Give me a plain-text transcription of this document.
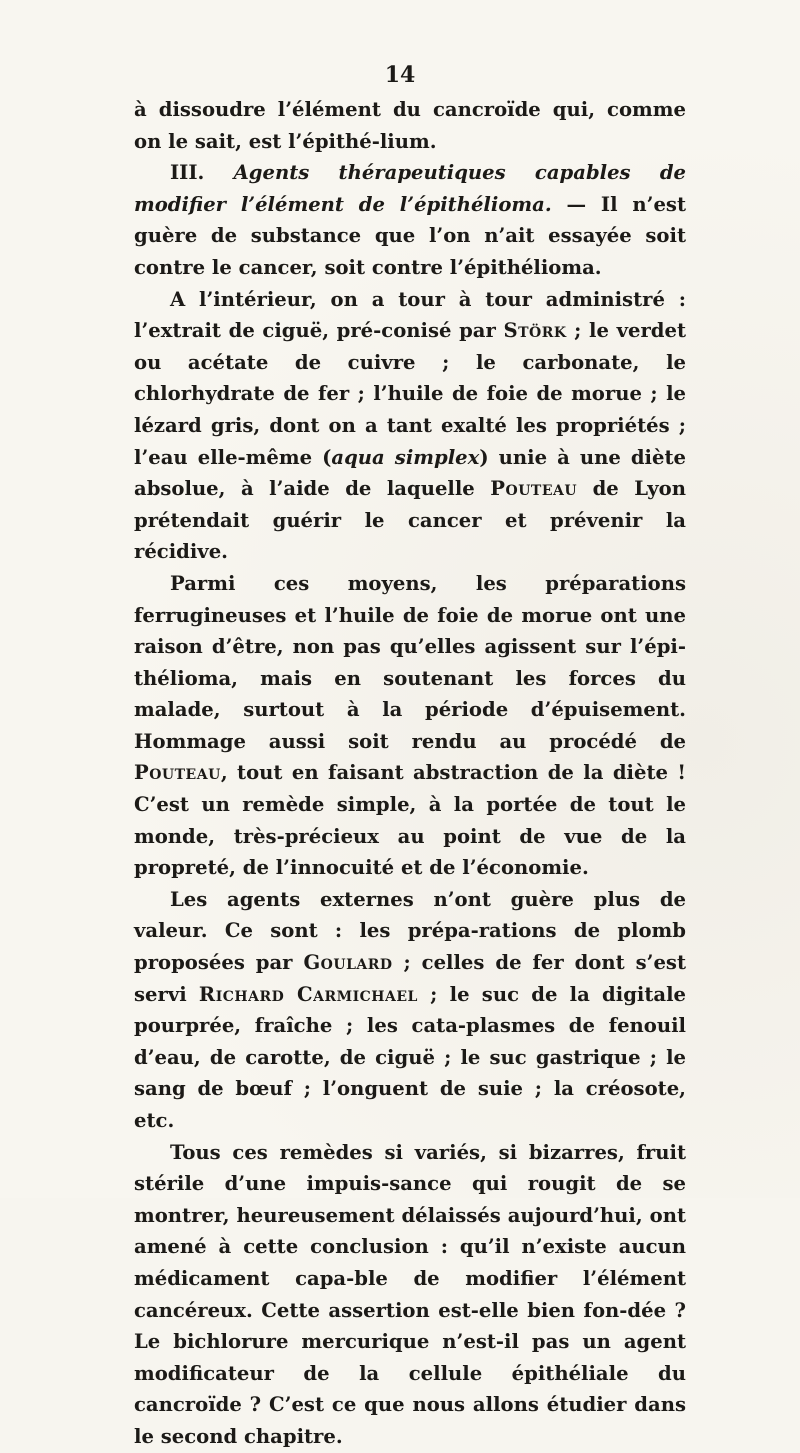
14

à dissoudre l’élément du cancroïde qui, comme on le sait, est l’épithé-lium.

III. Agents thérapeutiques capables de modifier l’élément de l’épithélioma. — Il n’est guère de substance que l’on n’ait essayée soit contre le cancer, soit contre l’épithélioma.

A l’intérieur, on a tour à tour administré : l’extrait de ciguë, pré-conisé par Störk ; le verdet ou acétate de cuivre ; le carbonate, le chlorhydrate de fer ; l’huile de foie de morue ; le lézard gris, dont on a tant exalté les propriétés ; l’eau elle-même (aqua simplex) unie à une diète absolue, à l’aide de laquelle Pouteau de Lyon prétendait guérir le cancer et prévenir la récidive.

Parmi ces moyens, les préparations ferrugineuses et l’huile de foie de morue ont une raison d’être, non pas qu’elles agissent sur l’épi-thélioma, mais en soutenant les forces du malade, surtout à la période d’épuisement. Hommage aussi soit rendu au procédé de Pouteau, tout en faisant abstraction de la diète ! C’est un remède simple, à la portée de tout le monde, très-précieux au point de vue de la propreté, de l’innocuité et de l’économie.

Les agents externes n’ont guère plus de valeur. Ce sont : les prépa-rations de plomb proposées par Goulard ; celles de fer dont s’est servi Richard Carmichael ; le suc de la digitale pourprée, fraîche ; les cata-plasmes de fenouil d’eau, de carotte, de ciguë ; le suc gastrique ; le sang de bœuf ; l’onguent de suie ; la créosote, etc.

Tous ces remèdes si variés, si bizarres, fruit stérile d’une impuis-sance qui rougit de se montrer, heureusement délaissés aujourd’hui, ont amené à cette conclusion : qu’il n’existe aucun médicament capa-ble de modifier l’élément cancéreux. Cette assertion est-elle bien fon-dée ? Le bichlorure mercurique n’est-il pas un agent modificateur de la cellule épithéliale du cancroïde ? C’est ce que nous allons étudier dans le second chapitre.
